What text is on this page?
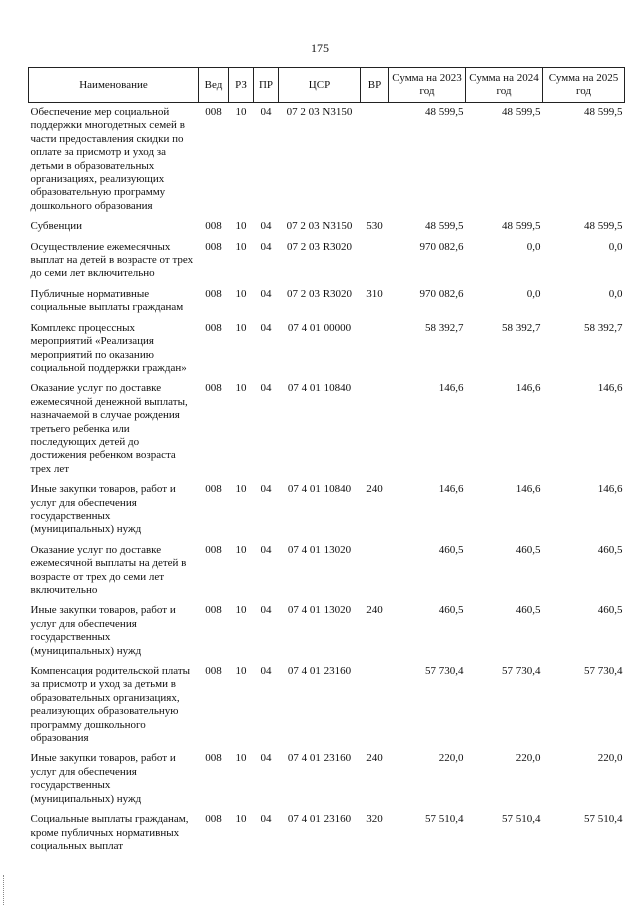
175
Наименование	Вед	РЗ	ПР	ЦСР	ВР	Сумма на 2023 год	Сумма на 2024 год	Сумма на 2025 год
Обеспечение мер социальной поддержки многодетных семей в части предоставления скидки по оплате за присмотр и уход за детьми в образовательных организациях, реализующих образовательную программу дошкольного образования	008	10	04	07 2 03 N3150		48 599,5	48 599,5	48 599,5
Субвенции	008	10	04	07 2 03 N3150	530	48 599,5	48 599,5	48 599,5
Осуществление ежемесячных выплат на детей в возрасте от трех до семи лет включительно	008	10	04	07 2 03 R3020		970 082,6	0,0	0,0
Публичные нормативные социальные выплаты гражданам	008	10	04	07 2 03 R3020	310	970 082,6	0,0	0,0
Комплекс процессных мероприятий «Реализация мероприятий по оказанию социальной поддержки граждан»	008	10	04	07 4 01 00000		58 392,7	58 392,7	58 392,7
Оказание услуг по доставке ежемесячной денежной выплаты, назначаемой в случае рождения третьего ребенка или последующих детей до достижения ребенком возраста трех лет	008	10	04	07 4 01 10840		146,6	146,6	146,6
Иные закупки товаров, работ и услуг для обеспечения государственных (муниципальных) нужд	008	10	04	07 4 01 10840	240	146,6	146,6	146,6
Оказание услуг по доставке ежемесячной выплаты на детей в возрасте от трех до семи лет включительно	008	10	04	07 4 01 13020		460,5	460,5	460,5
Иные закупки товаров, работ и услуг для обеспечения государственных (муниципальных) нужд	008	10	04	07 4 01 13020	240	460,5	460,5	460,5
Компенсация родительской платы за присмотр и уход за детьми в образовательных организациях, реализующих образовательную программу дошкольного образования	008	10	04	07 4 01 23160		57 730,4	57 730,4	57 730,4
Иные закупки товаров, работ и услуг для обеспечения государственных (муниципальных) нужд	008	10	04	07 4 01 23160	240	220,0	220,0	220,0
Социальные выплаты гражданам, кроме публичных нормативных социальных выплат	008	10	04	07 4 01 23160	320	57 510,4	57 510,4	57 510,4
